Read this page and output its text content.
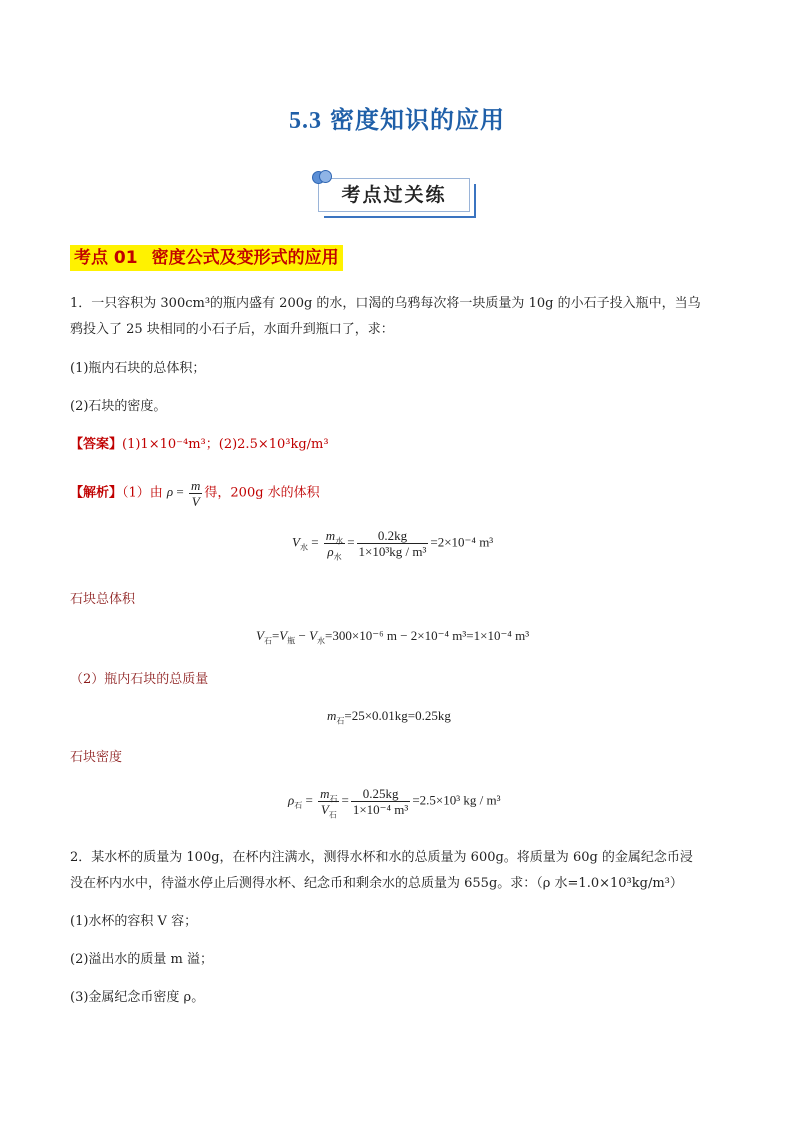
5.3 密度知识的应用
考点过关练
考点 01 密度公式及变形式的应用
1．一只容积为 300cm³的瓶内盛有 200g 的水，口渴的乌鸦每次将一块质量为 10g 的小石子投入瓶中，当乌
鸦投入了 25 块相同的小石子后，水面升到瓶口了，求：
(1)瓶内石块的总体积；
(2)石块的密度。
【答案】(1)1×10⁻⁴m³；(2)2.5×10³kg/m³
【解析】（1）由 $\rho = \frac{m}{V}$ 得，200g 水的体积
$V_水 = \frac{m_水}{\rho_水} = \frac{0.2kg}{\text{1×10³kg / m³}} =2\times 10^{-4}$ m³
石块总体积
$V_石=V_瓶 - V_水=300\times 10^{-6}$ m − 2×10⁻⁴ m³=1×10⁻⁴ m³
（2）瓶内石块的总质量
$m_石=25\times 0.01kg=0.25kg$
石块密度
$\rho_石 = \frac{m_石}{V_石} = \frac{0.25kg}{\text{1×10⁻⁴ m³}} =2.5\times 10^3$ kg / m³
2．某水杯的质量为 100g，在杯内注满水，测得水杯和水的总质量为 600g。将质量为 60g 的金属纪念币浸
没在杯内水中，待溢水停止后测得水杯、纪念币和剩余水的总质量为 655g。求：（ρ 水=1.0×10³kg/m³）
(1)水杯的容积 V 容；
(2)溢出水的质量 m 溢；
(3)金属纪念币密度 ρ。
